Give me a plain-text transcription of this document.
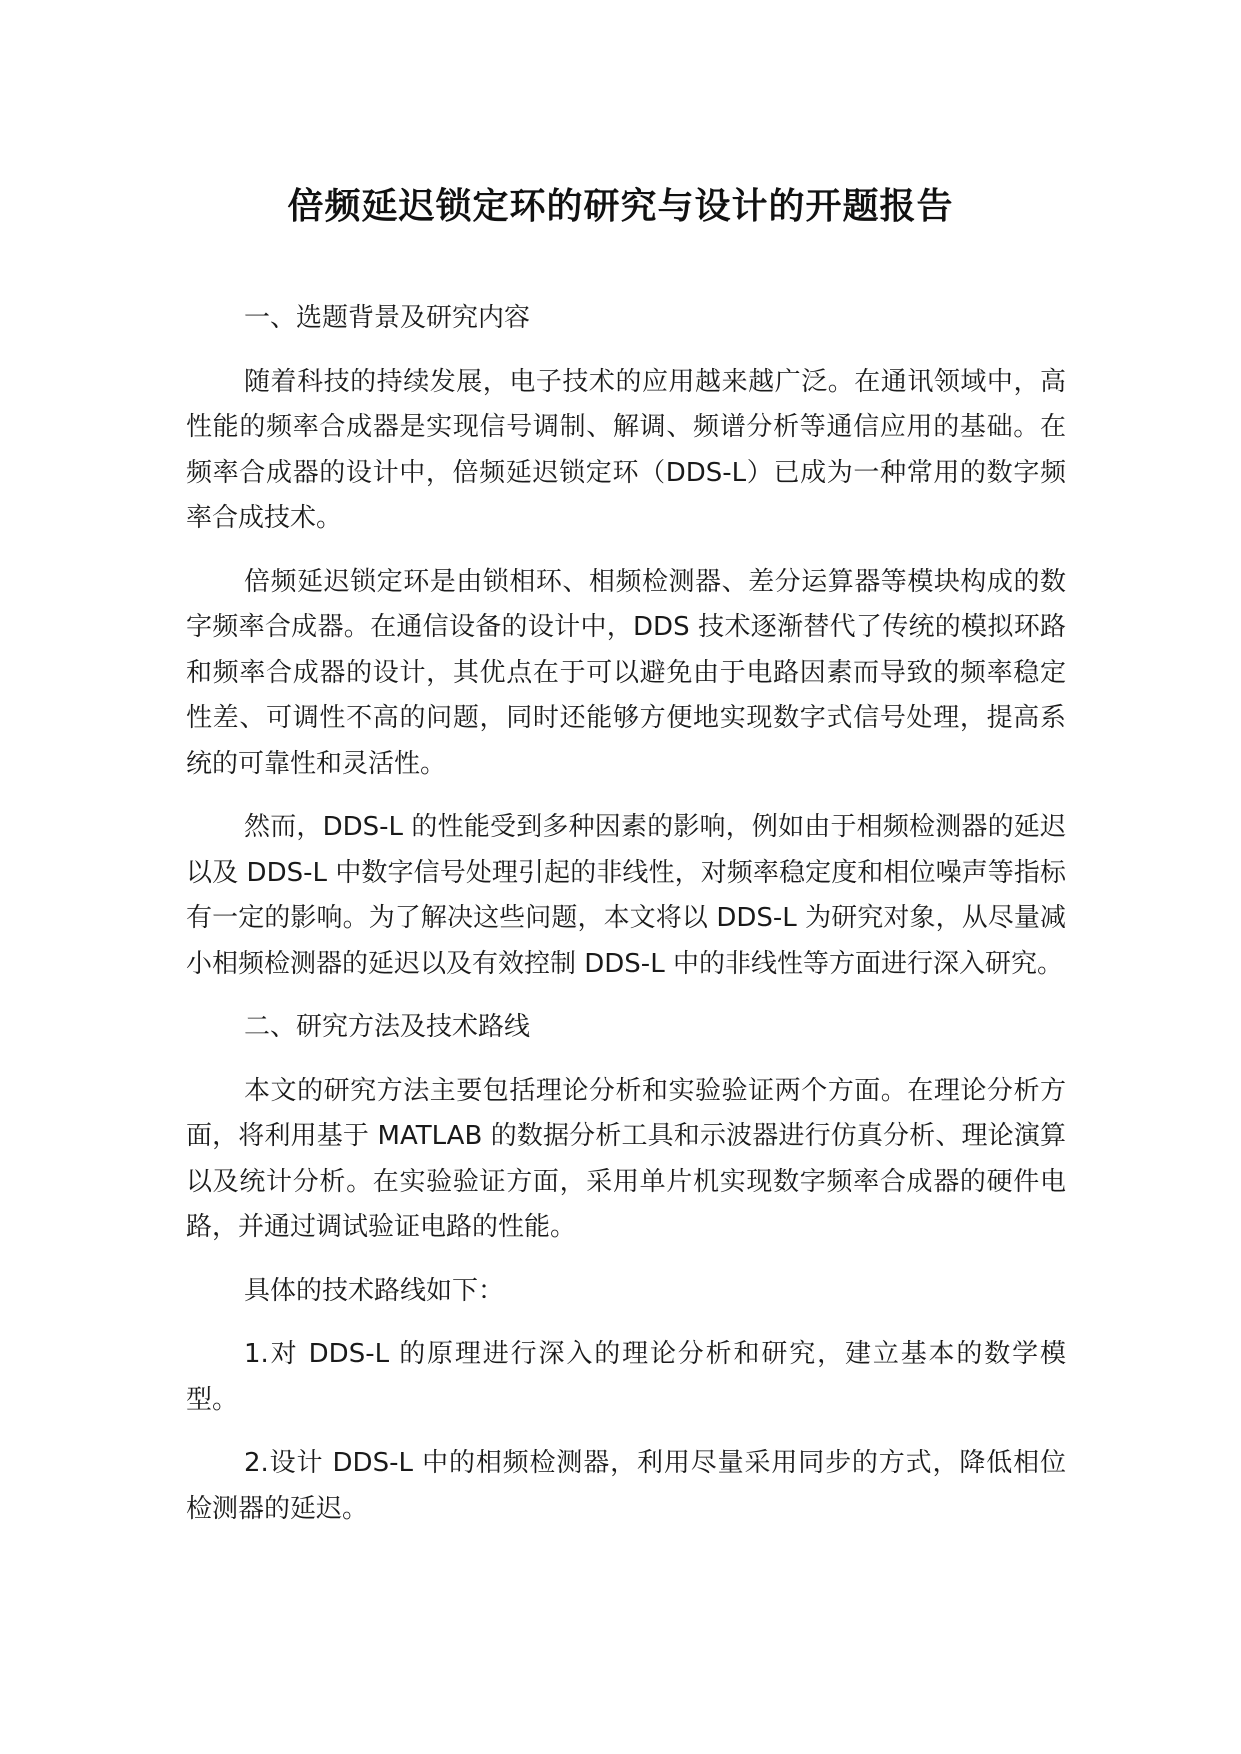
倍频延迟锁定环的研究与设计的开题报告

一、选题背景及研究内容

随着科技的持续发展，电子技术的应用越来越广泛。在通讯领域中，高性能的频率合成器是实现信号调制、解调、频谱分析等通信应用的基础。在频率合成器的设计中，倍频延迟锁定环（DDS-L）已成为一种常用的数字频率合成技术。

倍频延迟锁定环是由锁相环、相频检测器、差分运算器等模块构成的数字频率合成器。在通信设备的设计中，DDS 技术逐渐替代了传统的模拟环路和频率合成器的设计，其优点在于可以避免由于电路因素而导致的频率稳定性差、可调性不高的问题，同时还能够方便地实现数字式信号处理，提高系统的可靠性和灵活性。

然而，DDS-L 的性能受到多种因素的影响，例如由于相频检测器的延迟以及 DDS-L 中数字信号处理引起的非线性，对频率稳定度和相位噪声等指标有一定的影响。为了解决这些问题，本文将以 DDS-L 为研究对象，从尽量减小相频检测器的延迟以及有效控制 DDS-L 中的非线性等方面进行深入研究。

二、研究方法及技术路线

本文的研究方法主要包括理论分析和实验验证两个方面。在理论分析方面，将利用基于 MATLAB 的数据分析工具和示波器进行仿真分析、理论演算以及统计分析。在实验验证方面，采用单片机实现数字频率合成器的硬件电路，并通过调试验证电路的性能。

具体的技术路线如下：

1.对 DDS-L 的原理进行深入的理论分析和研究，建立基本的数学模型。

2.设计 DDS-L 中的相频检测器，利用尽量采用同步的方式，降低相位检测器的延迟。
